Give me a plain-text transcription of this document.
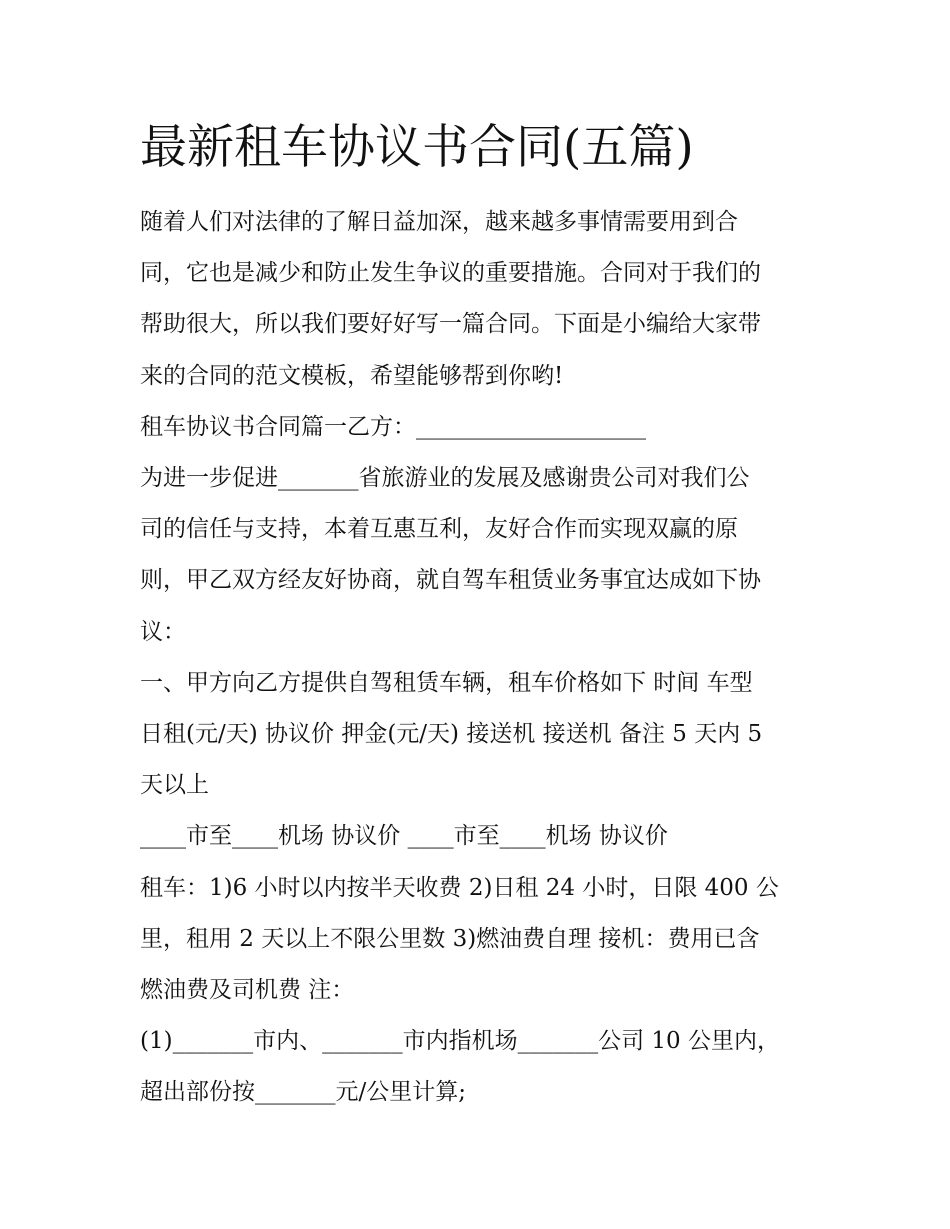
最新租车协议书合同(五篇)

随着人们对法律的了解日益加深，越来越多事情需要用到合
同，它也是减少和防止发生争议的重要措施。合同对于我们的
帮助很大，所以我们要好好写一篇合同。下面是小编给大家带
来的合同的范文模板，希望能够帮到你哟!

租车协议书合同篇一乙方：____________________

为进一步促进_______省旅游业的发展及感谢贵公司对我们公
司的信任与支持，本着互惠互利，友好合作而实现双赢的原
则，甲乙双方经友好协商，就自驾车租赁业务事宜达成如下协
议：

一、甲方向乙方提供自驾租赁车辆，租车价格如下 时间 车型
日租(元/天) 协议价 押金(元/天) 接送机 接送机 备注 5 天内 5
天以上

____市至____机场 协议价 ____市至____机场 协议价

租车：1)6 小时以内按半天收费 2)日租 24 小时，日限 400 公
里，租用 2 天以上不限公里数 3)燃油费自理 接机：费用已含
燃油费及司机费 注：

(1)_______市内、_______市内指机场_______公司 10 公里内，
超出部份按_______元/公里计算;
